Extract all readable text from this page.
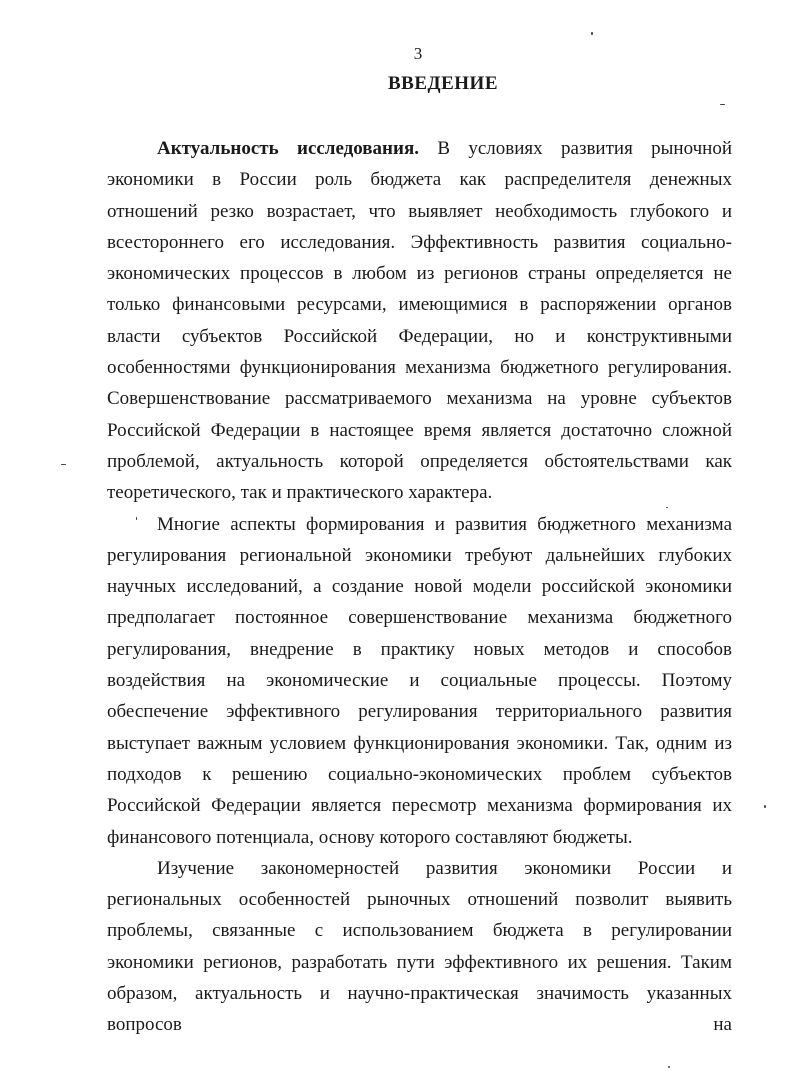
3
ВВЕДЕНИЕ

Актуальность исследования. В условиях развития рыночной экономики в России роль бюджета как распределителя денежных отношений резко возрастает, что выявляет необходимость глубокого и всестороннего его исследования. Эффективность развития социально-экономических процессов в любом из регионов страны определяется не только финансовыми ресурсами, имеющимися в распоряжении органов власти субъектов Российской Федерации, но и конструктивными особенностями функционирования механизма бюджетного регулирования. Совершенствование рассматриваемого механизма на уровне субъектов Российской Федерации в настоящее время является достаточно сложной проблемой, актуальность которой определяется обстоятельствами как теоретического, так и практического характера.

Многие аспекты формирования и развития бюджетного механизма регулирования региональной экономики требуют дальнейших глубоких научных исследований, а создание новой модели российской экономики предполагает постоянное совершенствование механизма бюджетного регулирования, внедрение в практику новых методов и способов воздействия на экономические и социальные процессы. Поэтому обеспечение эффективного регулирования территориального развития выступает важным условием функционирования экономики. Так, одним из подходов к решению социально-экономических проблем субъектов Российской Федерации является пересмотр механизма формирования их финансового потенциала, основу которого составляют бюджеты.

Изучение закономерностей развития экономики России и региональных особенностей рыночных отношений позволит выявить проблемы, связанные с использованием бюджета в регулировании экономики регионов, разработать пути эффективного их решения. Таким образом, актуальность и научно-практическая значимость указанных вопросов на
